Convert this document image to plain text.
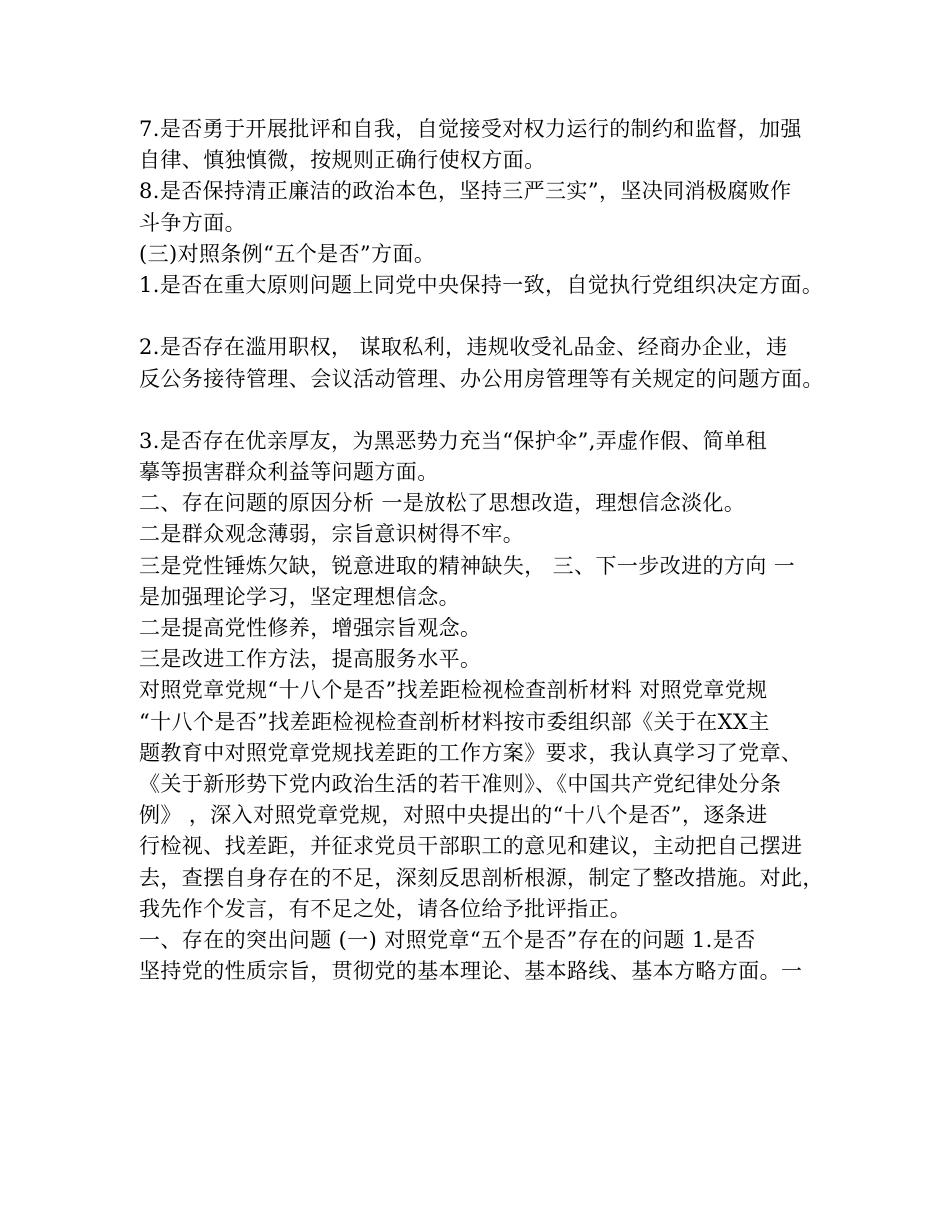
7.是否勇于开展批评和自我，自觉接受对权力运行的制约和监督，加强
自律、慎独慎微，按规则正确行使权方面。
8.是否保持清正廉洁的政治本色，坚持三严三实”，坚决同消极腐败作
斗争方面。
(三)对照条例“五个是否”方面。
1.是否在重大原则问题上同党中央保持一致，自觉执行党组织决定方面。
2.是否存在滥用职权， 谋取私利，违规收受礼品金、经商办企业，违
反公务接待管理、会议活动管理、办公用房管理等有关规定的问题方面。
3.是否存在优亲厚友，为黑恶势力充当“保护伞”,弄虚作假、简单租
摹等损害群众利益等问题方面。
二、存在问题的原因分析 一是放松了思想改造，理想信念淡化。
二是群众观念薄弱，宗旨意识树得不牢。
三是党性锤炼欠缺，锐意进取的精神缺失， 三、下一步改进的方向 一
是加强理论学习，坚定理想信念。
二是提高党性修养，增强宗旨观念。
三是改进工作方法，提高服务水平。
对照党章党规“十八个是否”找差距检视检查剖析材料 对照党章党规
“十八个是否”找差距检视检查剖析材料按市委组织部《关于在XX主
题教育中对照党章党规找差距的工作方案》要求，我认真学习了党章、
《关于新形势下党内政治生活的若干准则》、《中国共产党纪律处分条
例》 ，深入对照党章党规，对照中央提出的“十八个是否”，逐条进
行检视、找差距，并征求党员干部职工的意见和建议，主动把自己摆进
去，查摆自身存在的不足，深刻反思剖析根源，制定了整改措施。对此，
我先作个发言，有不足之处，请各位给予批评指正。
一、存在的突出问题 (一) 对照党章“五个是否”存在的问题 1.是否
坚持党的性质宗旨，贯彻党的基本理论、基本路线、基本方略方面。一
